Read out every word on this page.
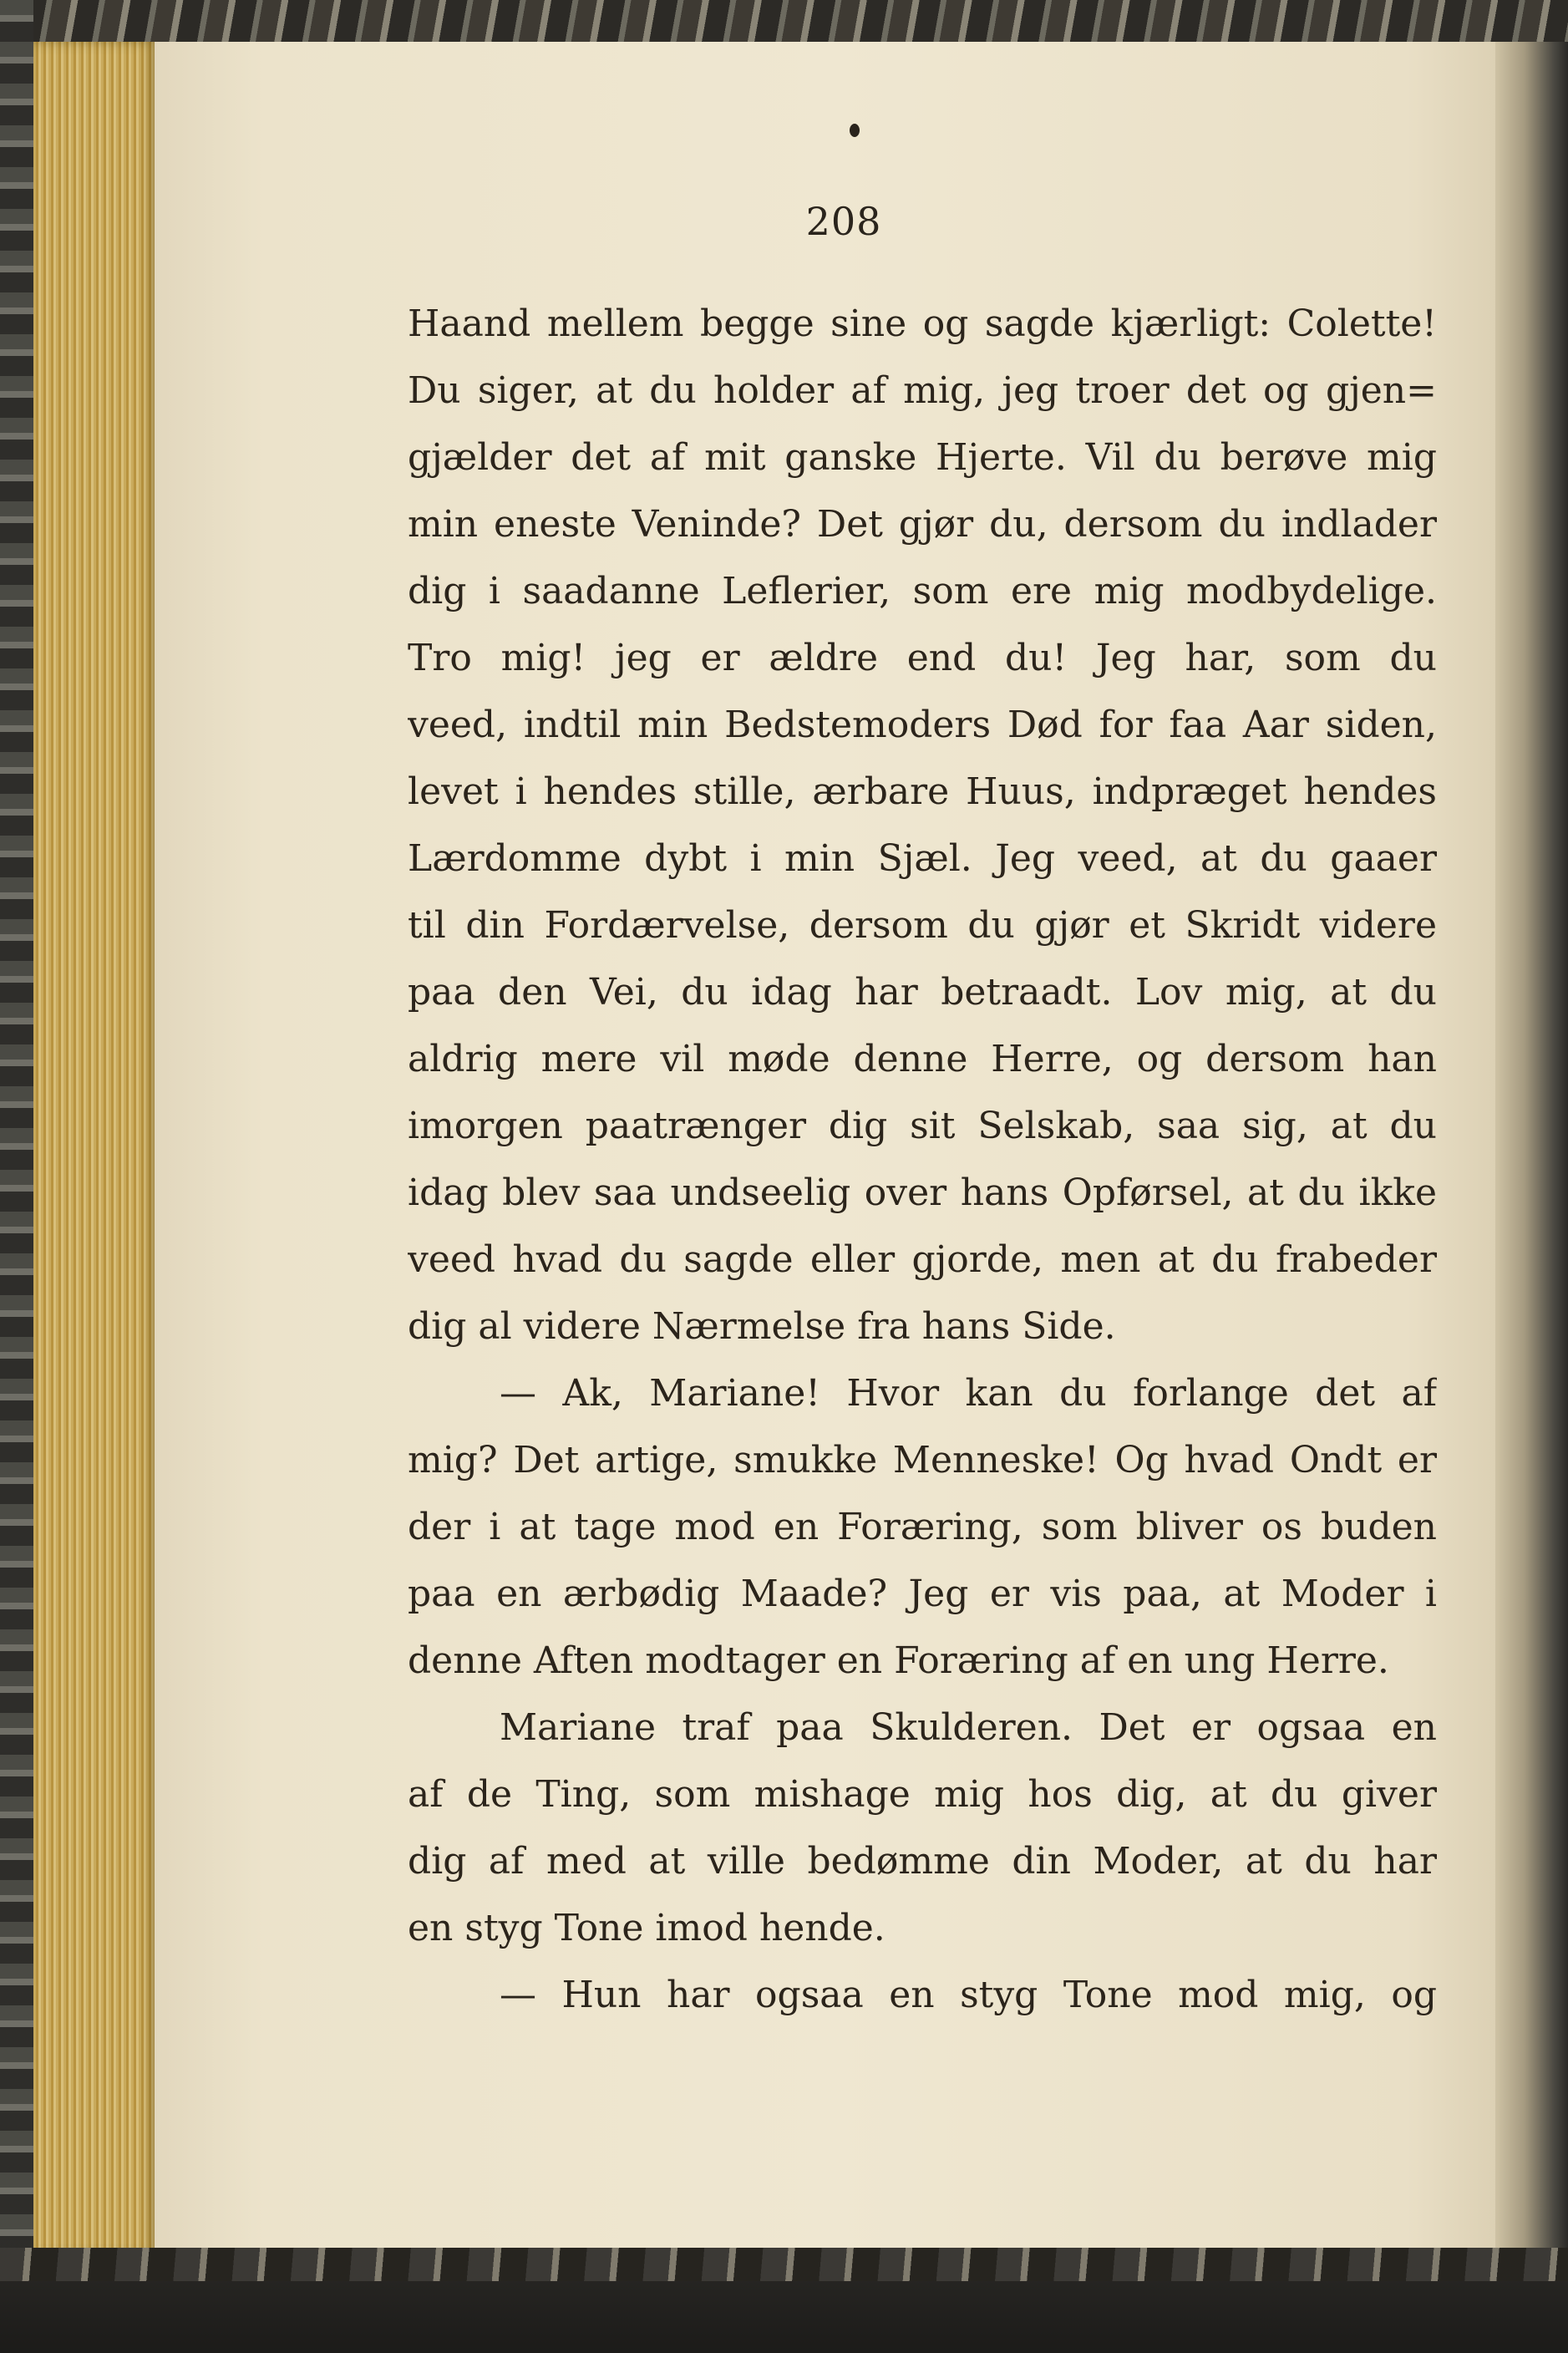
208
Haand mellem begge sine og sagde kjærligt: Colette!
Du siger, at du holder af mig, jeg troer det og gjen=
gjælder det af mit ganske Hjerte. Vil du berøve mig
min eneste Veninde? Det gjør du, dersom du indlader
dig i saadanne Leflerier, som ere mig modbydelige.
Tro mig! jeg er ældre end du! Jeg har, som du
veed, indtil min Bedstemoders Død for faa Aar siden,
levet i hendes stille, ærbare Huus, indpræget hendes
Lærdomme dybt i min Sjæl. Jeg veed, at du gaaer
til din Fordærvelse, dersom du gjør et Skridt videre
paa den Vei, du idag har betraadt. Lov mig, at du
aldrig mere vil møde denne Herre, og dersom han
imorgen paatrænger dig sit Selskab, saa sig, at du
idag blev saa undseelig over hans Opførsel, at du ikke
veed hvad du sagde eller gjorde, men at du frabeder
dig al videre Nærmelse fra hans Side.
— Ak, Mariane! Hvor kan du forlange det af
mig? Det artige, smukke Menneske! Og hvad Ondt er
der i at tage mod en Foræring, som bliver os buden
paa en ærbødig Maade? Jeg er vis paa, at Moder i
denne Aften modtager en Foræring af en ung Herre.
Mariane traf paa Skulderen. Det er ogsaa en
af de Ting, som mishage mig hos dig, at du giver
dig af med at ville bedømme din Moder, at du har
en styg Tone imod hende.
— Hun har ogsaa en styg Tone mod mig, og
